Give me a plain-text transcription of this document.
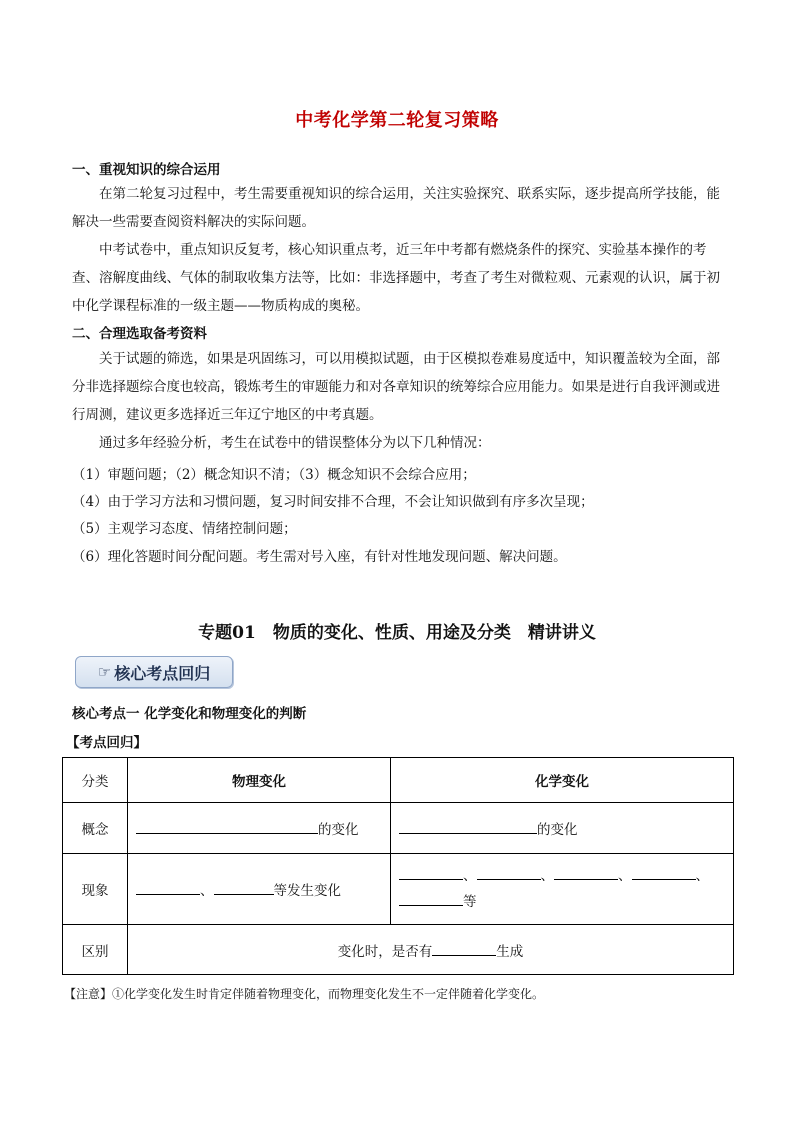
中考化学第二轮复习策略
一、重视知识的综合运用
在第二轮复习过程中，考生需要重视知识的综合运用，关注实验探究、联系实际，逐步提高所学技能，能解决一些需要查阅资料解决的实际问题。
中考试卷中，重点知识反复考，核心知识重点考，近三年中考都有燃烧条件的探究、实验基本操作的考查、溶解度曲线、气体的制取收集方法等，比如：非选择题中，考查了考生对微粒观、元素观的认识，属于初中化学课程标准的一级主题——物质构成的奥秘。
二、合理选取备考资料
关于试题的筛选，如果是巩固练习，可以用模拟试题，由于区模拟卷难易度适中，知识覆盖较为全面，部分非选择题综合度也较高，锻炼考生的审题能力和对各章知识的统筹综合应用能力。如果是进行自我评测或进行周测，建议更多选择近三年辽宁地区的中考真题。
通过多年经验分析，考生在试卷中的错误整体分为以下几种情况：
（1）审题问题；（2）概念知识不清；（3）概念知识不会综合应用；
（4）由于学习方法和习惯问题，复习时间安排不合理，不会让知识做到有序多次呈现；
（5）主观学习态度、情绪控制问题；
（6）理化答题时间分配问题。考生需对号入座，有针对性地发现问题、解决问题。
专题01　物质的变化、性质、用途及分类　精讲讲义
☞ 核心考点回归
核心考点一 化学变化和物理变化的判断
【考点回归】
分类	物理变化	化学变化
概念	的变化	的变化
现象	、 等发生变化	、 、 、 、
等

区别	变化时，是否有 生成	
【注意】①化学变化发生时肯定伴随着物理变化，而物理变化发生不一定伴随着化学变化。
